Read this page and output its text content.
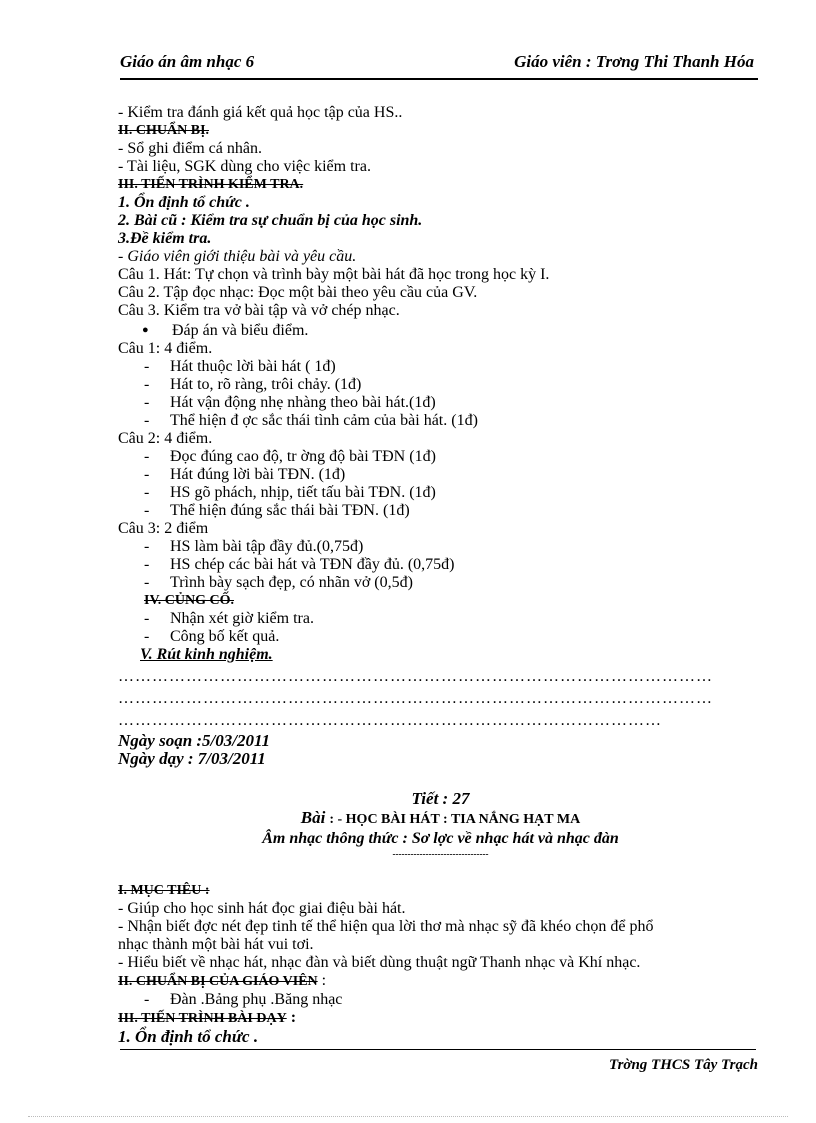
Giáo án âm nhạc 6	Giáo viên : Trơng Thi Thanh Hóa
- Kiểm tra đánh giá kết quả học tập của HS..
II. CHUẨN BỊ.
- Sổ ghi điểm cá nhân.
- Tài liệu, SGK dùng cho việc kiểm tra.
III. TIẾN TRÌNH KIỂM TRA.
1. Ổn định tổ chức .
2. Bài cũ : Kiểm tra sự chuẩn bị của học sinh.
3.Đề kiểm tra.
- Giáo viên giới thiệu bài và yêu cầu.
Câu 1. Hát: Tự chọn và trình bày một bài hát đã học trong học kỳ I.
Câu 2. Tập đọc nhạc: Đọc một bài theo yêu cầu của GV.
Câu 3. Kiểm tra vở bài tập và vở chép nhạc.
● Đáp án và biểu điểm.
Câu 1: 4 điểm.
- Hát thuộc lời bài hát ( 1đ)
- Hát to, rõ ràng, trôi chảy. (1đ)
- Hát vận động nhẹ nhàng theo bài hát.(1đ)
- Thể hiện đ ợc sắc thái tình cảm của bài hát. (1đ)
Câu 2: 4 điểm.
- Đọc đúng cao độ, tr ờng độ bài TĐN (1đ)
- Hát đúng lời bài TĐN. (1đ)
- HS gõ phách, nhịp, tiết tấu bài TĐN. (1đ)
- Thể hiện đúng sắc thái bài TĐN. (1đ)
Câu 3: 2 điểm
- HS làm bài tập đầy đủ.(0,75đ)
- HS chép các bài hát và TĐN đầy đủ. (0,75đ)
- Trình bày sạch đẹp, có nhãn vở (0,5đ)
IV. CỦNG CỐ.
- Nhận xét giờ kiểm tra.
- Công bố kết quả.
V. Rút kinh nghiệm.
……………………………………………………………………………………………
……………………………………………………………………………………………
……………………………………………………………………………………
Ngày soạn :5/03/2011
Ngày dạy : 7/03/2011
Tiết : 27
Bài : - HỌC BÀI HÁT : TIA NẮNG HẠT MA
Âm nhạc thông thức : Sơ lợc về nhạc hát và nhạc đàn
--------------------------------
I. MỤC TIÊU :
- Giúp cho học sinh hát đọc giai điệu bài hát.
- Nhận biết đợc nét đẹp tinh tế thể hiện qua lời thơ mà nhạc sỹ đã khéo chọn để phổ
nhạc thành một bài hát vui tơi.
- Hiểu biết về nhạc hát, nhạc đàn và biết dùng thuật ngữ Thanh nhạc và Khí nhạc.
II. CHUẨN BỊ CỦA GIÁO VIÊN :
- Đàn .Bảng phụ .Băng nhạc
III. TIẾN TRÌNH BÀI DẠY :
1. Ổn định tổ chức .
Trờng THCS Tây Trạch
